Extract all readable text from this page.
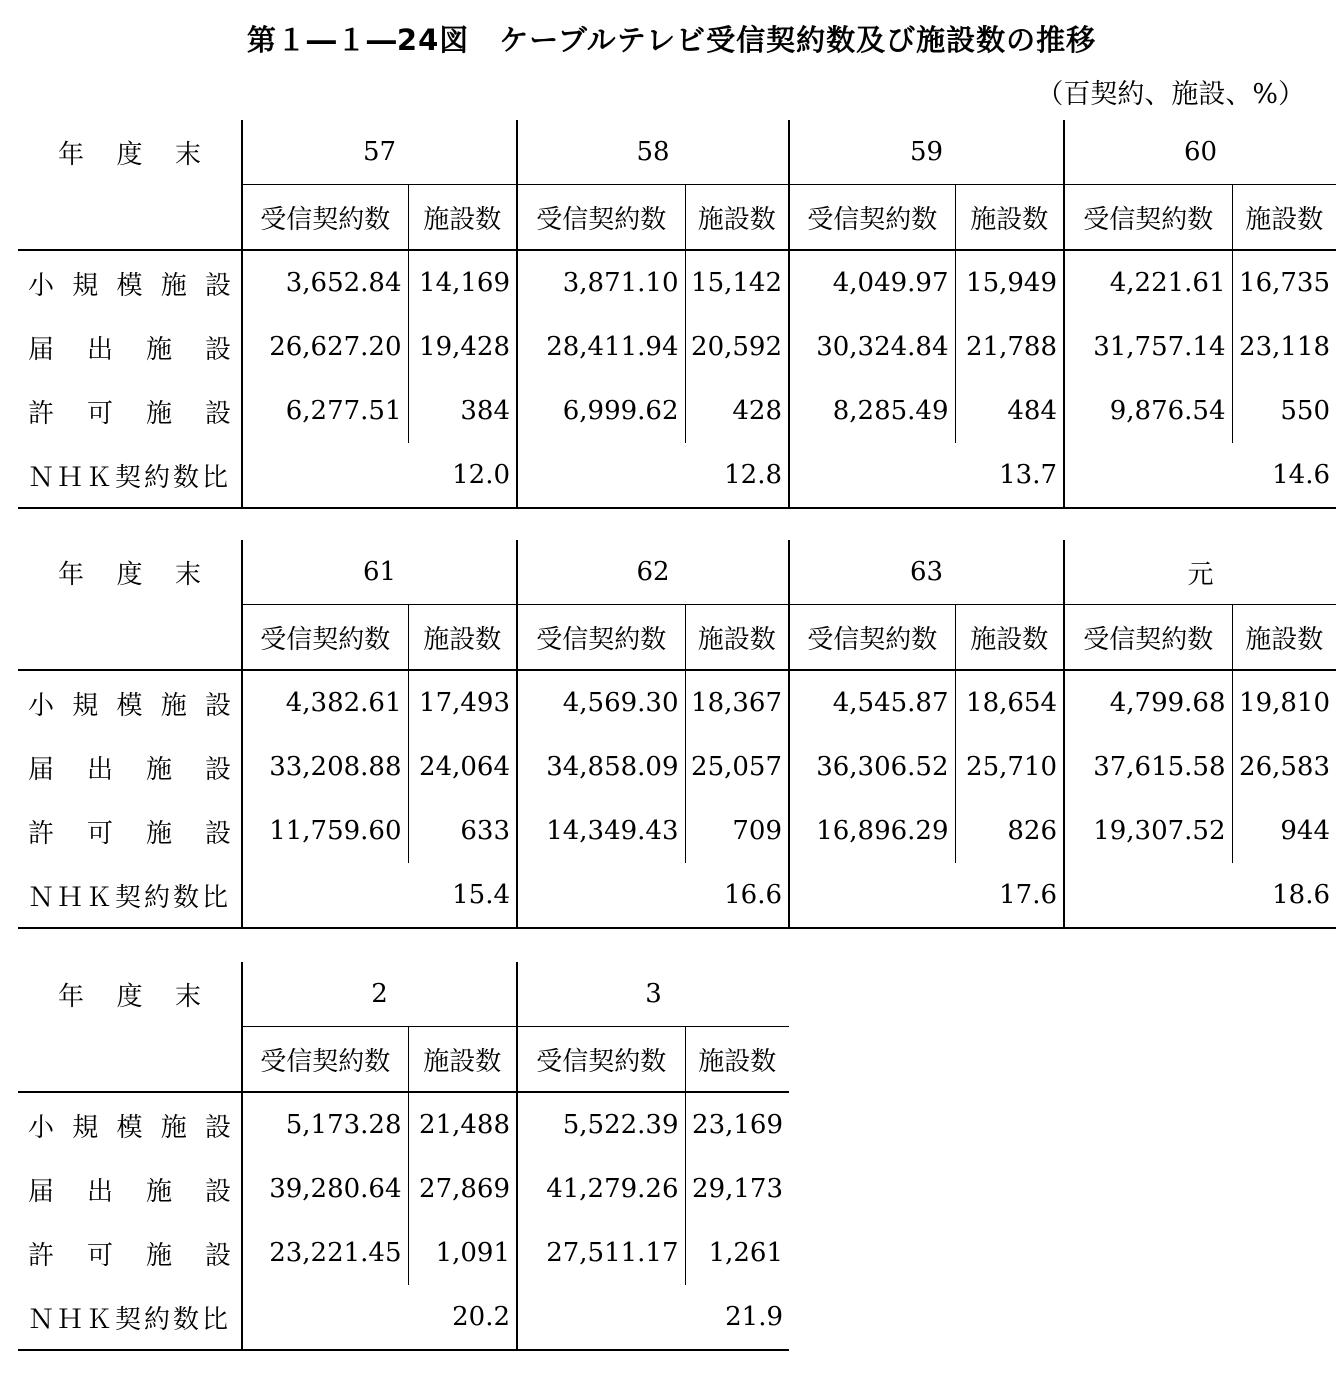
第１―１―24図　ケーブルテレビ受信契約数及び施設数の推移
（百契約、施設、%）
年度末	57		58		59		60	
	受信契約数	施設数	受信契約数	施設数	受信契約数	施設数	受信契約数	施設数
小規模施設	3,652.84	14,169	3,871.10	15,142	4,049.97	15,949	4,221.61	16,735
届出施設	26,627.20	19,428	28,411.94	20,592	30,324.84	21,788	31,757.14	23,118
許可施設	6,277.51	384	6,999.62	428	8,285.49	484	9,876.54	550
ＮＨＫ契約数比	12.0		12.8		13.7		14.6	
年度末	61		62		63		元	
	受信契約数	施設数	受信契約数	施設数	受信契約数	施設数	受信契約数	施設数
小規模施設	4,382.61	17,493	4,569.30	18,367	4,545.87	18,654	4,799.68	19,810
届出施設	33,208.88	24,064	34,858.09	25,057	36,306.52	25,710	37,615.58	26,583
許可施設	11,759.60	633	14,349.43	709	16,896.29	826	19,307.52	944
ＮＨＫ契約数比	15.4		16.6		17.6		18.6	
年度末	2		3	
	受信契約数	施設数	受信契約数	施設数
小規模施設	5,173.28	21,488	5,522.39	23,169
届出施設	39,280.64	27,869	41,279.26	29,173
許可施設	23,221.45	1,091	27,511.17	1,261
ＮＨＫ契約数比	20.2		21.9	
